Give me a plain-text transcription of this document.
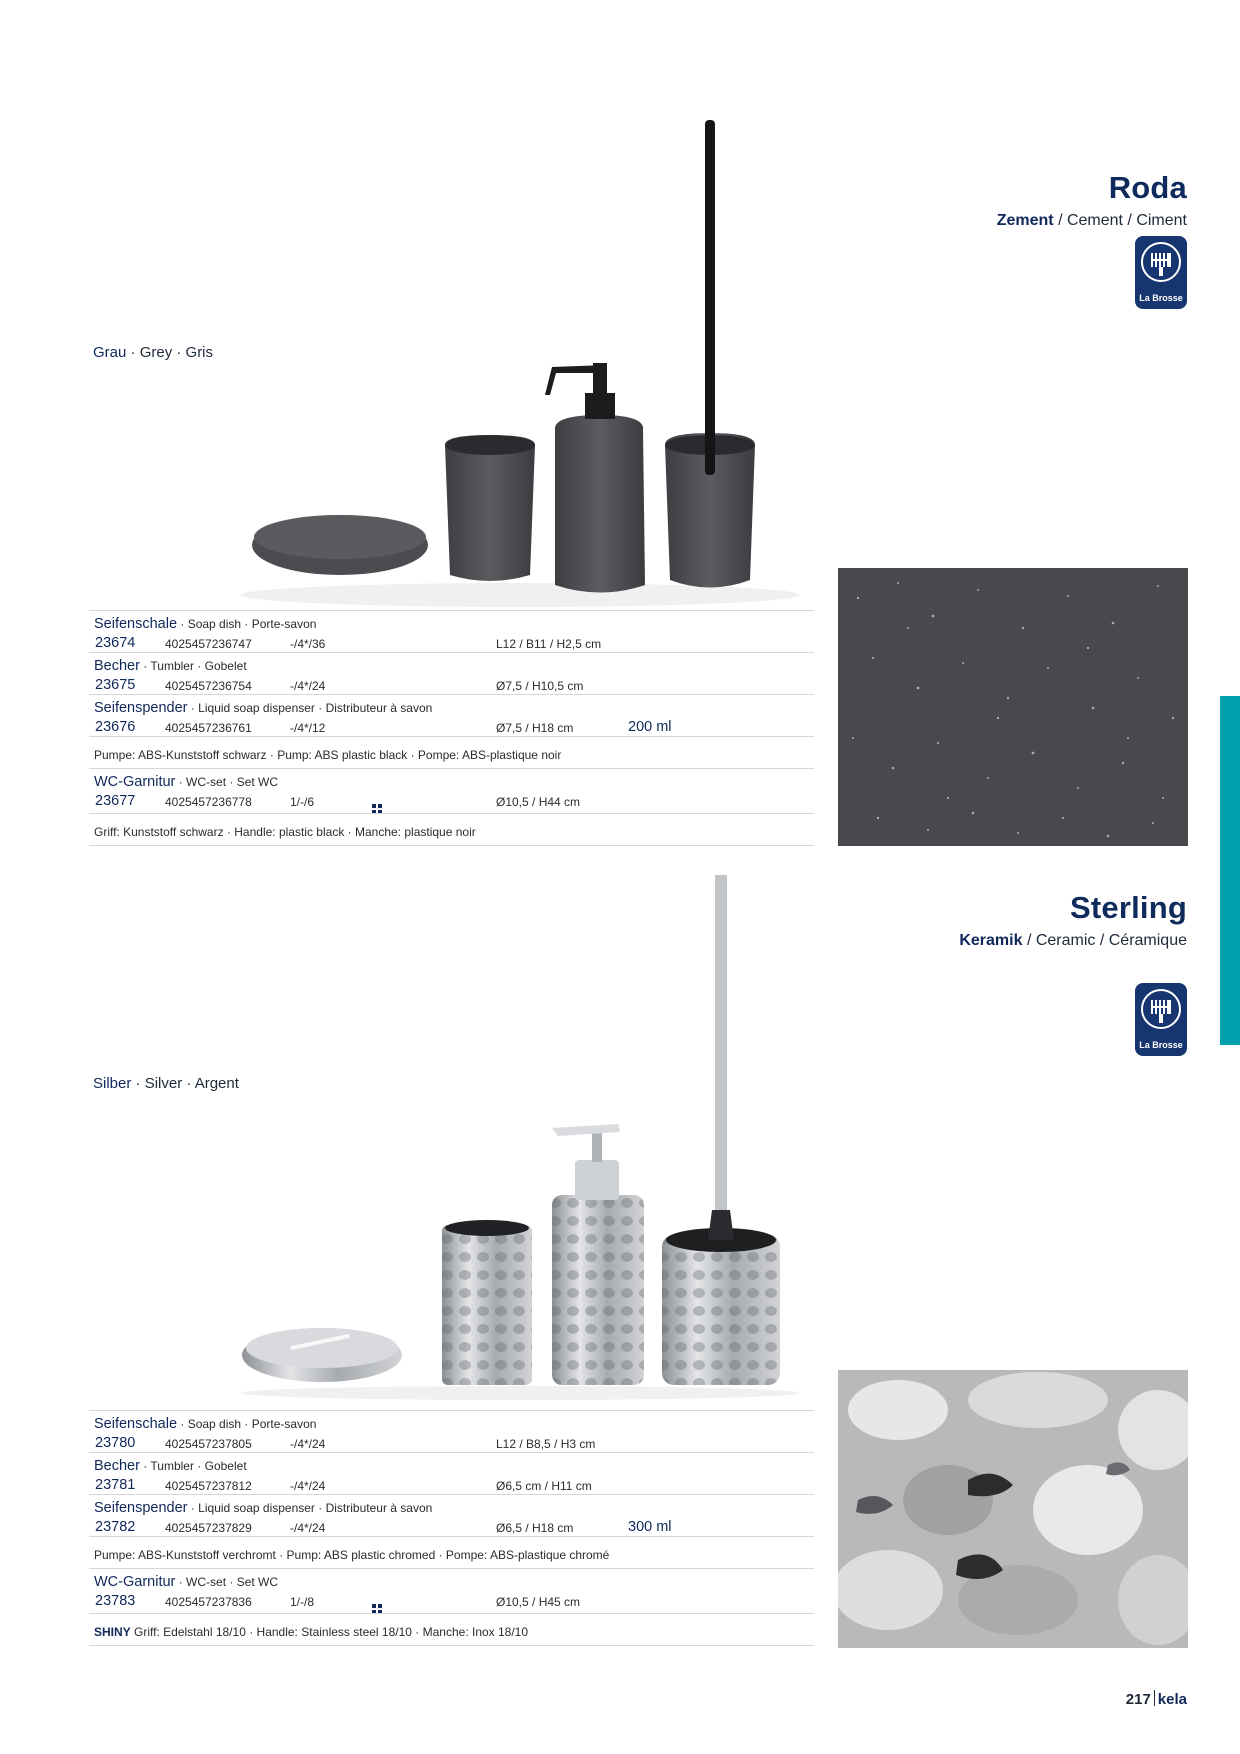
Roda
Zement / Cement / Ciment
La Brosse
Grau · Grey · Gris
Seifenschale · Soap dish · Porte-savon
23674 4025457236747	-/4*/36	L12 / B11 / H2,5 cm
Becher · Tumbler · Gobelet
23675 4025457236754	-/4*/24	Ø7,5 / H10,5 cm
Seifenspender · Liquid soap dispenser · Distributeur à savon
23676 4025457236761	-/4*/12	Ø7,5 / H18 cm	200 ml
Pumpe: ABS-Kunststoff schwarz · Pump: ABS plastic black · Pompe: ABS-plastique noir
WC-Garnitur · WC-set · Set WC
23677 4025457236778	1/-/6	Ø10,5 / H44 cm
Griff: Kunststoff schwarz · Handle: plastic black · Manche: plastique noir
Sterling
Keramik / Ceramic / Céramique
La Brosse
Silber · Silver · Argent
Seifenschale · Soap dish · Porte-savon
23780 4025457237805	-/4*/24	L12 / B8,5 / H3 cm
Becher · Tumbler · Gobelet
23781 4025457237812	-/4*/24	Ø6,5 cm / H11 cm
Seifenspender · Liquid soap dispenser · Distributeur à savon
23782 4025457237829	-/4*/24	Ø6,5 / H18 cm	300 ml
Pumpe: ABS-Kunststoff verchromt · Pump: ABS plastic chromed · Pompe: ABS-plastique chromé
WC-Garnitur · WC-set · Set WC
23783 4025457237836	1/-/8	Ø10,5 / H45 cm
SHINY Griff: Edelstahl 18/10 · Handle: Stainless steel 18/10 · Manche: Inox 18/10
217 kela
